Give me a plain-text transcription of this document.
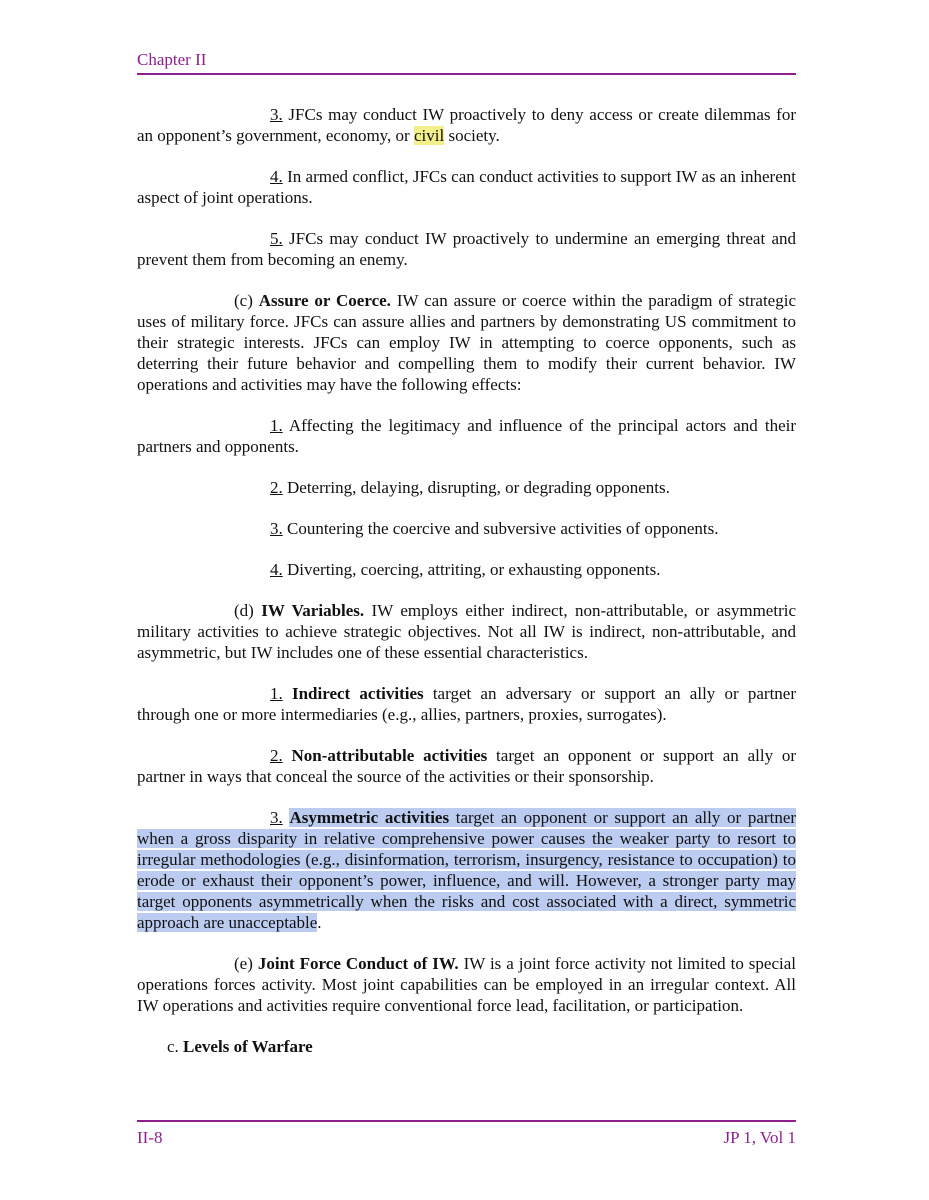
Chapter II

3. JFCs may conduct IW proactively to deny access or create dilemmas for an opponent’s government, economy, or civil society.

4. In armed conflict, JFCs can conduct activities to support IW as an inherent aspect of joint operations.

5. JFCs may conduct IW proactively to undermine an emerging threat and prevent them from becoming an enemy.

(c) Assure or Coerce. IW can assure or coerce within the paradigm of strategic uses of military force. JFCs can assure allies and partners by demonstrating US commitment to their strategic interests. JFCs can employ IW in attempting to coerce opponents, such as deterring their future behavior and compelling them to modify their current behavior. IW operations and activities may have the following effects:

1. Affecting the legitimacy and influence of the principal actors and their partners and opponents.

2. Deterring, delaying, disrupting, or degrading opponents.

3. Countering the coercive and subversive activities of opponents.

4. Diverting, coercing, attriting, or exhausting opponents.

(d) IW Variables. IW employs either indirect, non-attributable, or asymmetric military activities to achieve strategic objectives. Not all IW is indirect, non-attributable, and asymmetric, but IW includes one of these essential characteristics.

1. Indirect activities target an adversary or support an ally or partner through one or more intermediaries (e.g., allies, partners, proxies, surrogates).

2. Non-attributable activities target an opponent or support an ally or partner in ways that conceal the source of the activities or their sponsorship.

3. Asymmetric activities target an opponent or support an ally or partner when a gross disparity in relative comprehensive power causes the weaker party to resort to irregular methodologies (e.g., disinformation, terrorism, insurgency, resistance to occupation) to erode or exhaust their opponent’s power, influence, and will. However, a stronger party may target opponents asymmetrically when the risks and cost associated with a direct, symmetric approach are unacceptable.

(e) Joint Force Conduct of IW. IW is a joint force activity not limited to special operations forces activity. Most joint capabilities can be employed in an irregular context. All IW operations and activities require conventional force lead, facilitation, or participation.

c. Levels of Warfare

II-8	JP 1, Vol 1
